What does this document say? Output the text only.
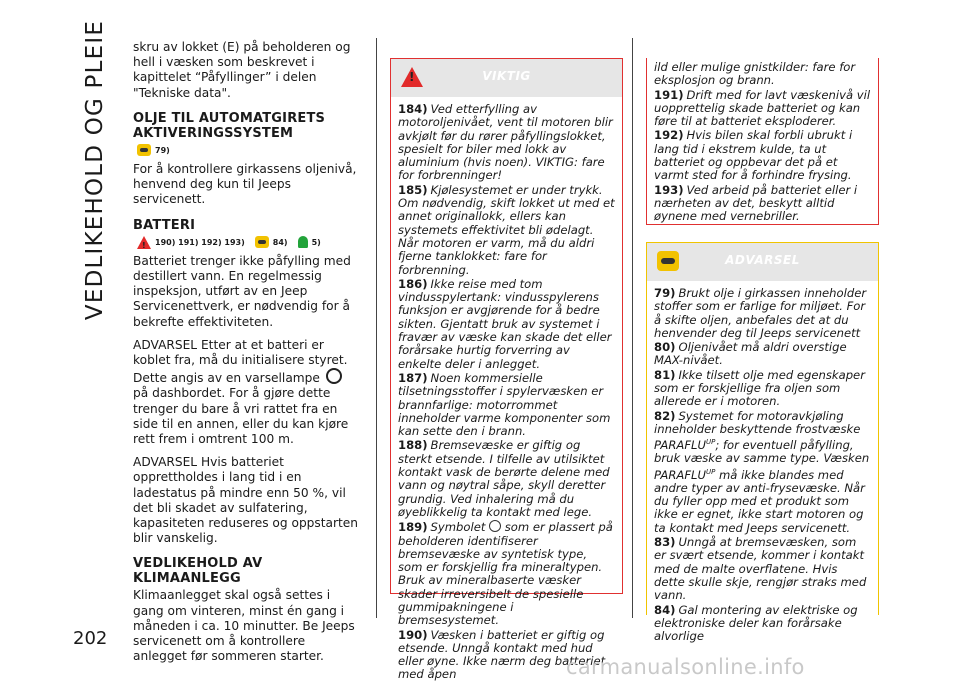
VEDLIKEHOLD OG PLEIE skru av lokket (E) på beholderen og hell i væsken som beskrevet i kapittelet “Påfyllinger” i delen "Tekniske data".

OLJE TIL AUTOMATGIRETS AKTIVERINGSSYSTEM
79)

For å kontrollere girkassens oljenivå, henvend deg kun til Jeeps servicenett.

BATTERI
!
190) 191) 192) 193)	84)	5)

Batteriet trenger ikke påfylling med destillert vann. En regelmessig inspeksjon, utført av en Jeep Servicenettverk, er nødvendig for å bekrefte effektiviteten.

ADVARSEL Etter at et batteri er koblet fra, må du initialisere styret. Dette angis av en varsellampe  på dashbordet. For å gjøre dette trenger du bare å vri rattet fra en side til en annen, eller du kan kjøre rett frem i omtrent 100 m.

ADVARSEL Hvis batteriet opprettholdes i lang tid i en ladestatus på mindre enn 50 %, vil det bli skadet av sulfatering, kapasiteten reduseres og oppstarten blir vanskelig.

VEDLIKEHOLD AV KLIMAANLEGG

Klimaanlegget skal også settes i gang om vinteren, minst én gang i måneden i ca. 10 minutter. Be Jeeps servicenett om å kontrollere anlegget før sommeren starter.

!
VIKTIG

184) Ved etterfylling av motoroljenivået, vent til motoren blir avkjølt før du rører påfyllingslokket, spesielt for biler med lokk av aluminium (hvis noen). VIKTIG: fare for forbrenninger!

185) Kjølesystemet er under trykk. Om nødvendig, skift lokket ut med et annet originallokk, ellers kan systemets effektivitet bli ødelagt. Når motoren er varm, må du aldri fjerne tanklokket: fare for forbrenning.

186) Ikke reise med tom vindusspylertank: vindusspylerens funksjon er avgjørende for å bedre sikten. Gjentatt bruk av systemet i fravær av væske kan skade det eller forårsake hurtig forverring av enkelte deler i anlegget.

187) Noen kommersielle tilsetningsstoffer i spylervæsken er brannfarlige: motorrommet inneholder varme komponenter som kan sette den i brann.

188) Bremsevæske er giftig og sterkt etsende. I tilfelle av utilsiktet kontakt vask de berørte delene med vann og nøytral såpe, skyll deretter grundig. Ved inhalering må du øyeblikkelig ta kontakt med lege.

189) Symbolet som er plassert på beholderen identifiserer bremsevæske av syntetisk type, som er forskjellig fra mineraltypen. Bruk av mineralbaserte væsker skader irreversibelt de spesielle gummipakningene i bremsesystemet.

190) Væsken i batteriet er giftig og etsende. Unngå kontakt med hud eller øyne. Ikke nærm deg batteriet med åpen

ild eller mulige gnistkilder: fare for eksplosjon og brann.

191) Drift med for lavt væskenivå vil uopprettelig skade batteriet og kan føre til at batteriet eksploderer.

192) Hvis bilen skal forbli ubrukt i lang tid i ekstrem kulde, ta ut batteriet og oppbevar det på et varmt sted for å forhindre frysing.

193) Ved arbeid på batteriet eller i nærheten av det, beskytt alltid øynene med vernebriller.

ADVARSEL

79) Brukt olje i girkassen inneholder stoffer som er farlige for miljøet. For å skifte oljen, anbefales det at du henvender deg til Jeeps servicenett

80) Oljenivået må aldri overstige MAX-nivået.

81) Ikke tilsett olje med egenskaper som er forskjellige fra oljen som allerede er i motoren.

82) Systemet for motoravkjøling inneholder beskyttende frostvæske $PARAFLU^{UP}$; for eventuell påfylling, bruk væske av samme type. Væsken $PARAFLU^{UP}$ må ikke blandes med andre typer av anti-frysevæske. Når du fyller opp med et produkt som ikke er egnet, ikke start motoren og ta kontakt med Jeeps servicenett.

83) Unngå at bremsevæsken, som er svært etsende, kommer i kontakt med de malte overflatene. Hvis dette skulle skje, rengjør straks med vann.

84) Gal montering av elektriske og elektroniske deler kan forårsake alvorlige

202
carmanualsonline.info
